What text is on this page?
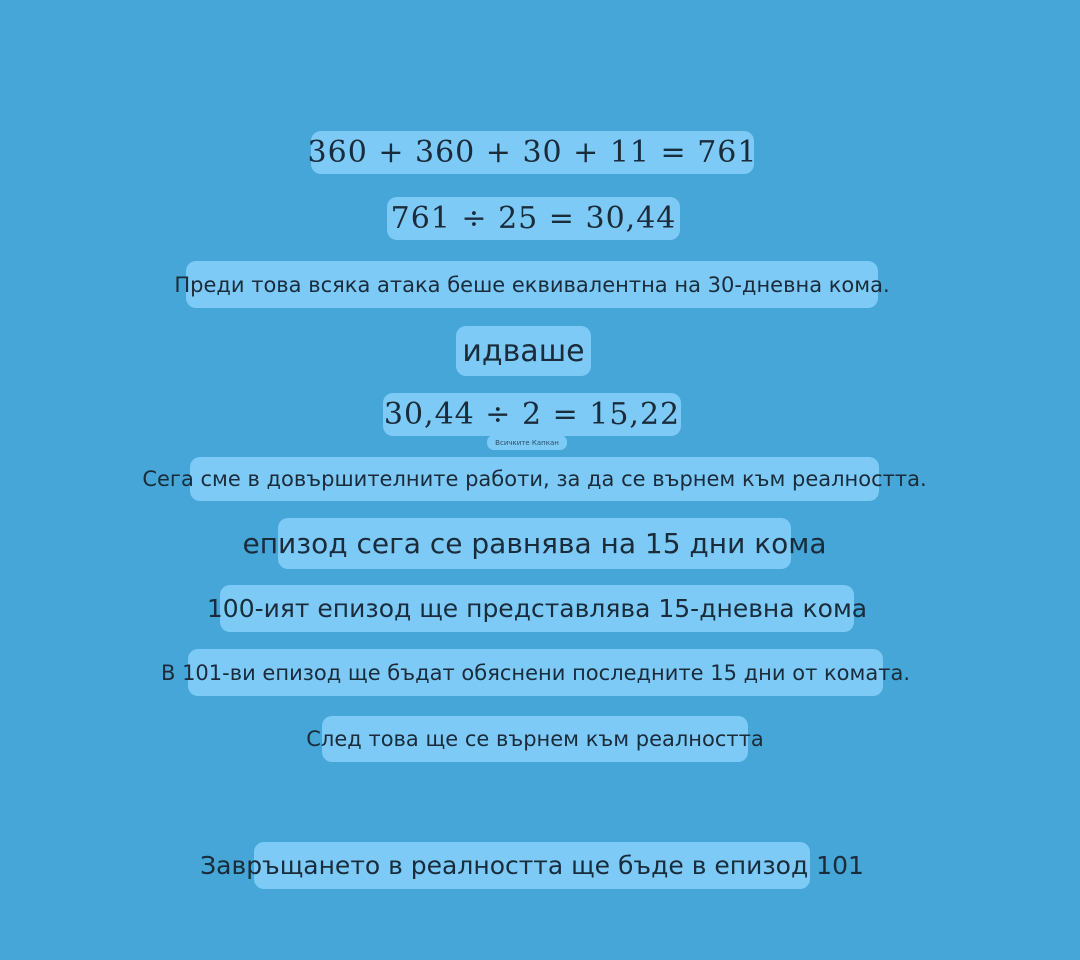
360 + 360 + 30 + 11 = 761
761 ÷ 25 = 30,44
Преди това всяка атака беше еквивалентна на 30-дневна кома.
идваше
30,44 ÷ 2 = 15,22
Всичките Капкан
Сега сме в довършителните работи, за да се върнем към реалността.
епизод сега се равнява на 15 дни кома
100-ият епизод ще представлява 15-дневна кома
В 101-ви епизод ще бъдат обяснени последните 15 дни от комата.
След това ще се върнем към реалността
Завръщането в реалността ще бъде в епизод 101
